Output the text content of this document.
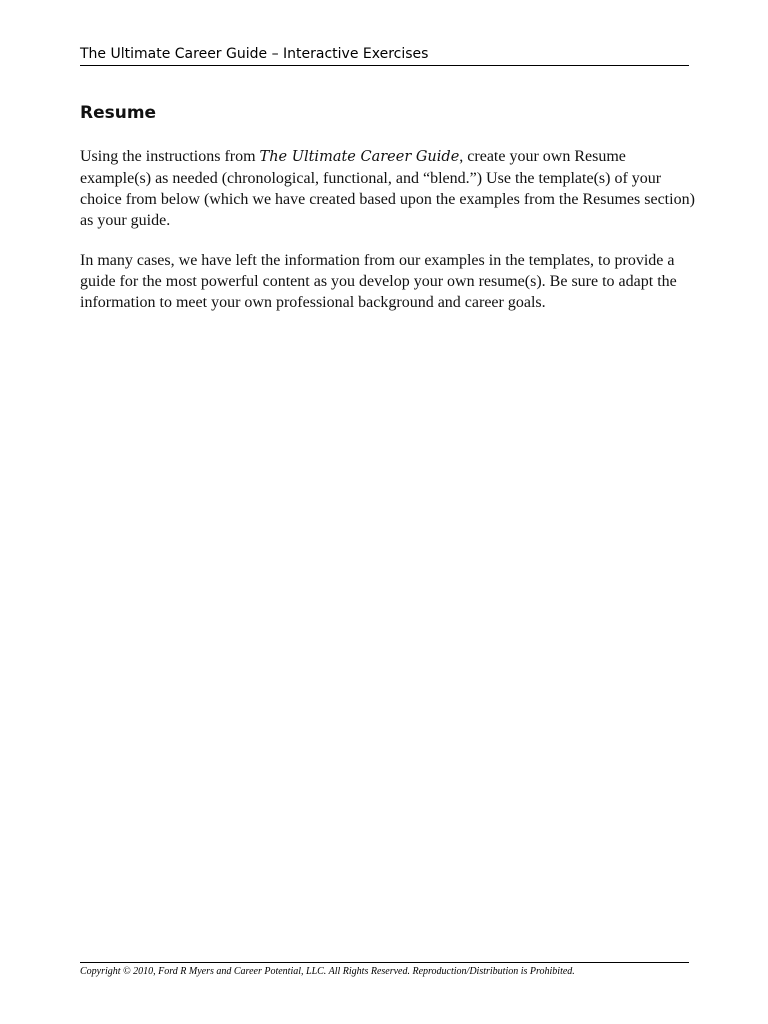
The Ultimate Career Guide – Interactive Exercises
Resume

Using the instructions from The Ultimate Career Guide, create your own Resume example(s) as needed (chronological, functional, and “blend.”) Use the template(s) of your choice from below (which we have created based upon the examples from the Resumes section) as your guide.

In many cases, we have left the information from our examples in the templates, to provide a guide for the most powerful content as you develop your own resume(s). Be sure to adapt the information to meet your own professional background and career goals.

Copyright © 2010, Ford R Myers and Career Potential, LLC. All Rights Reserved. Reproduction/Distribution is Prohibited.
